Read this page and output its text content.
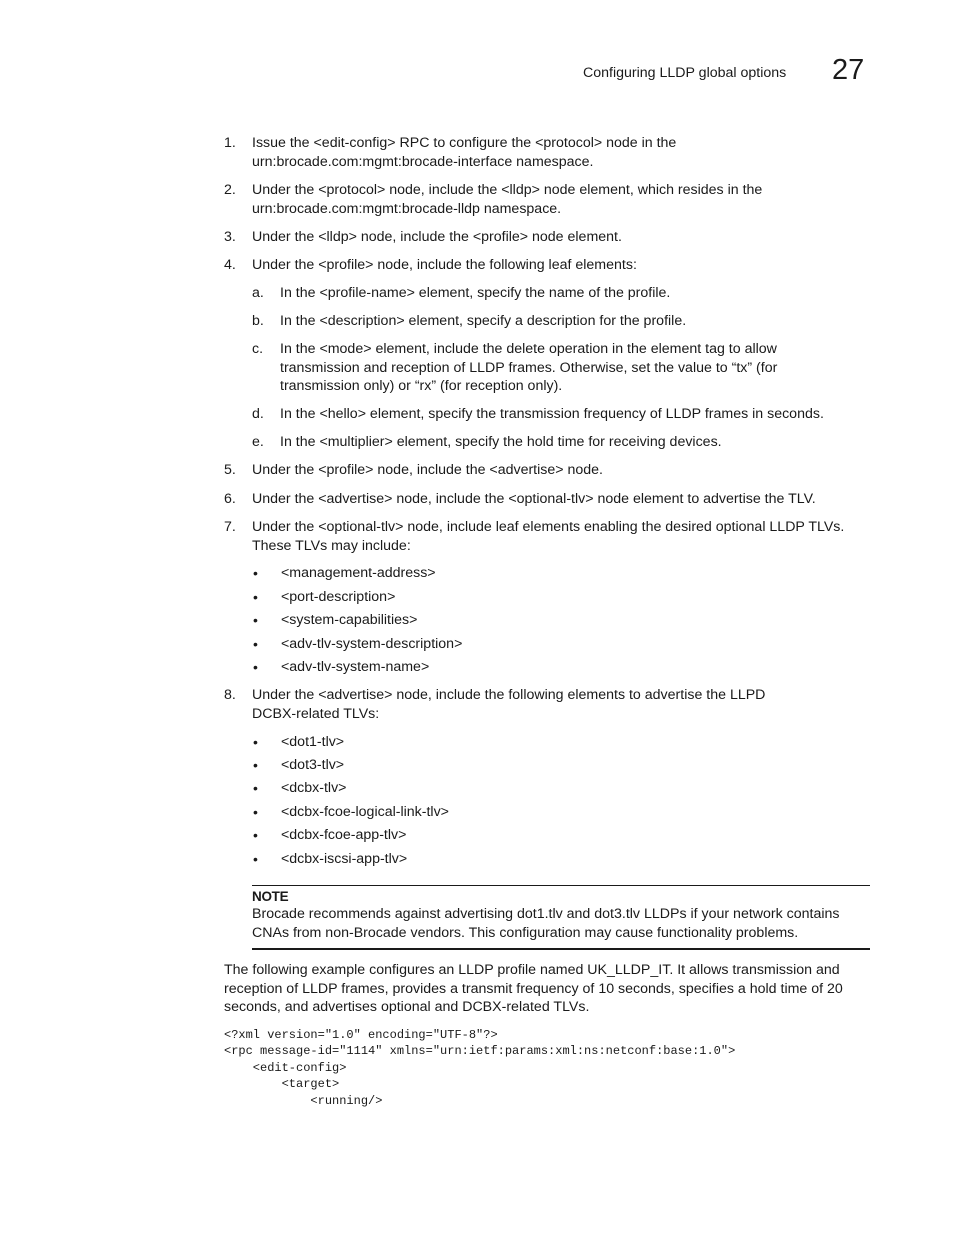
Configuring LLDP global options 27
1. Issue the <edit-config> RPC to configure the <protocol> node in the urn:brocade.com:mgmt:brocade-interface namespace.
2. Under the <protocol> node, include the <lldp> node element, which resides in the urn:brocade.com:mgmt:brocade-lldp namespace.
3. Under the <lldp> node, include the <profile> node element.
4. Under the <profile> node, include the following leaf elements:
a. In the <profile-name> element, specify the name of the profile.
b. In the <description> element, specify a description for the profile.
c. In the <mode> element, include the delete operation in the element tag to allow transmission and reception of LLDP frames. Otherwise, set the value to “tx” (for transmission only) or “rx” (for reception only).
d. In the <hello> element, specify the transmission frequency of LLDP frames in seconds.
e. In the <multiplier> element, specify the hold time for receiving devices.
5. Under the <profile> node, include the <advertise> node.
6. Under the <advertise> node, include the <optional-tlv> node element to advertise the TLV.
7. Under the <optional-tlv> node, include leaf elements enabling the desired optional LLDP TLVs. These TLVs may include:
• <management-address>
• <port-description>
• <system-capabilities>
• <adv-tlv-system-description>
• <adv-tlv-system-name>
8. Under the <advertise> node, include the following elements to advertise the LLPD DCBX-related TLVs:
• <dot1-tlv>
• <dot3-tlv>
• <dcbx-tlv>
• <dcbx-fcoe-logical-link-tlv>
• <dcbx-fcoe-app-tlv>
• <dcbx-iscsi-app-tlv>
NOTE
Brocade recommends against advertising dot1.tlv and dot3.tlv LLDPs if your network contains CNAs from non-Brocade vendors. This configuration may cause functionality problems.
The following example configures an LLDP profile named UK_LLDP_IT. It allows transmission and reception of LLDP frames, provides a transmit frequency of 10 seconds, specifies a hold time of 20 seconds, and advertises optional and DCBX-related TLVs.
<?xml version="1.0" encoding="UTF-8"?>
<rpc message-id="1114" xmlns="urn:ietf:params:xml:ns:netconf:base:1.0">
<edit-config>
<target>
<running/>
